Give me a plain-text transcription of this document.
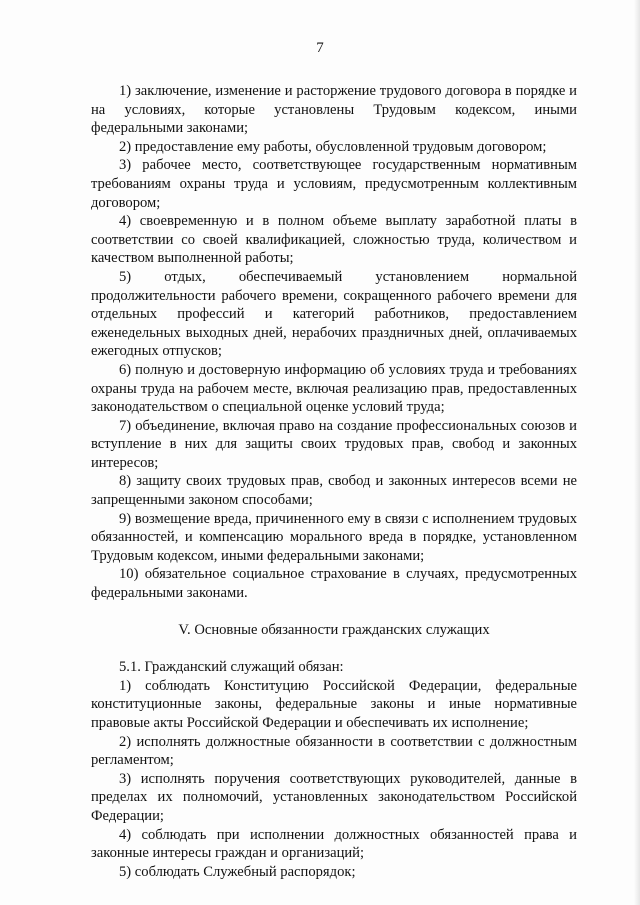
7

1) заключение, изменение и расторжение трудового договора в порядке и на условиях, которые установлены Трудовым кодексом, иными федеральными законами;

2) предоставление ему работы, обусловленной трудовым договором;

3) рабочее место, соответствующее государственным нормативным требованиям охраны труда и условиям, предусмотренным коллективным договором;

4) своевременную и в полном объеме выплату заработной платы в соответствии со своей квалификацией, сложностью труда, количеством и качеством выполненной работы;

5) отдых, обеспечиваемый установлением нормальной продолжительности рабочего времени, сокращенного рабочего времени для отдельных профессий и категорий работников, предоставлением еженедельных выходных дней, нерабочих праздничных дней, оплачиваемых ежегодных отпусков;

6) полную и достоверную информацию об условиях труда и требованиях охраны труда на рабочем месте, включая реализацию прав, предоставленных законодательством о специальной оценке условий труда;

7) объединение, включая право на создание профессиональных союзов и вступление в них для защиты своих трудовых прав, свобод и законных интересов;

8) защиту своих трудовых прав, свобод и законных интересов всеми не запрещенными законом способами;

9) возмещение вреда, причиненного ему в связи с исполнением трудовых обязанностей, и компенсацию морального вреда в порядке, установленном Трудовым кодексом, иными федеральными законами;

10) обязательное социальное страхование в случаях, предусмотренных федеральными законами.

V. Основные обязанности гражданских служащих

5.1. Гражданский служащий обязан:

1) соблюдать Конституцию Российской Федерации, федеральные конституционные законы, федеральные законы и иные нормативные правовые акты Российской Федерации и обеспечивать их исполнение;

2) исполнять должностные обязанности в соответствии с должностным регламентом;

3) исполнять поручения соответствующих руководителей, данные в пределах их полномочий, установленных законодательством Российской Федерации;

4) соблюдать при исполнении должностных обязанностей права и законные интересы граждан и организаций;

5) соблюдать Служебный распорядок;
